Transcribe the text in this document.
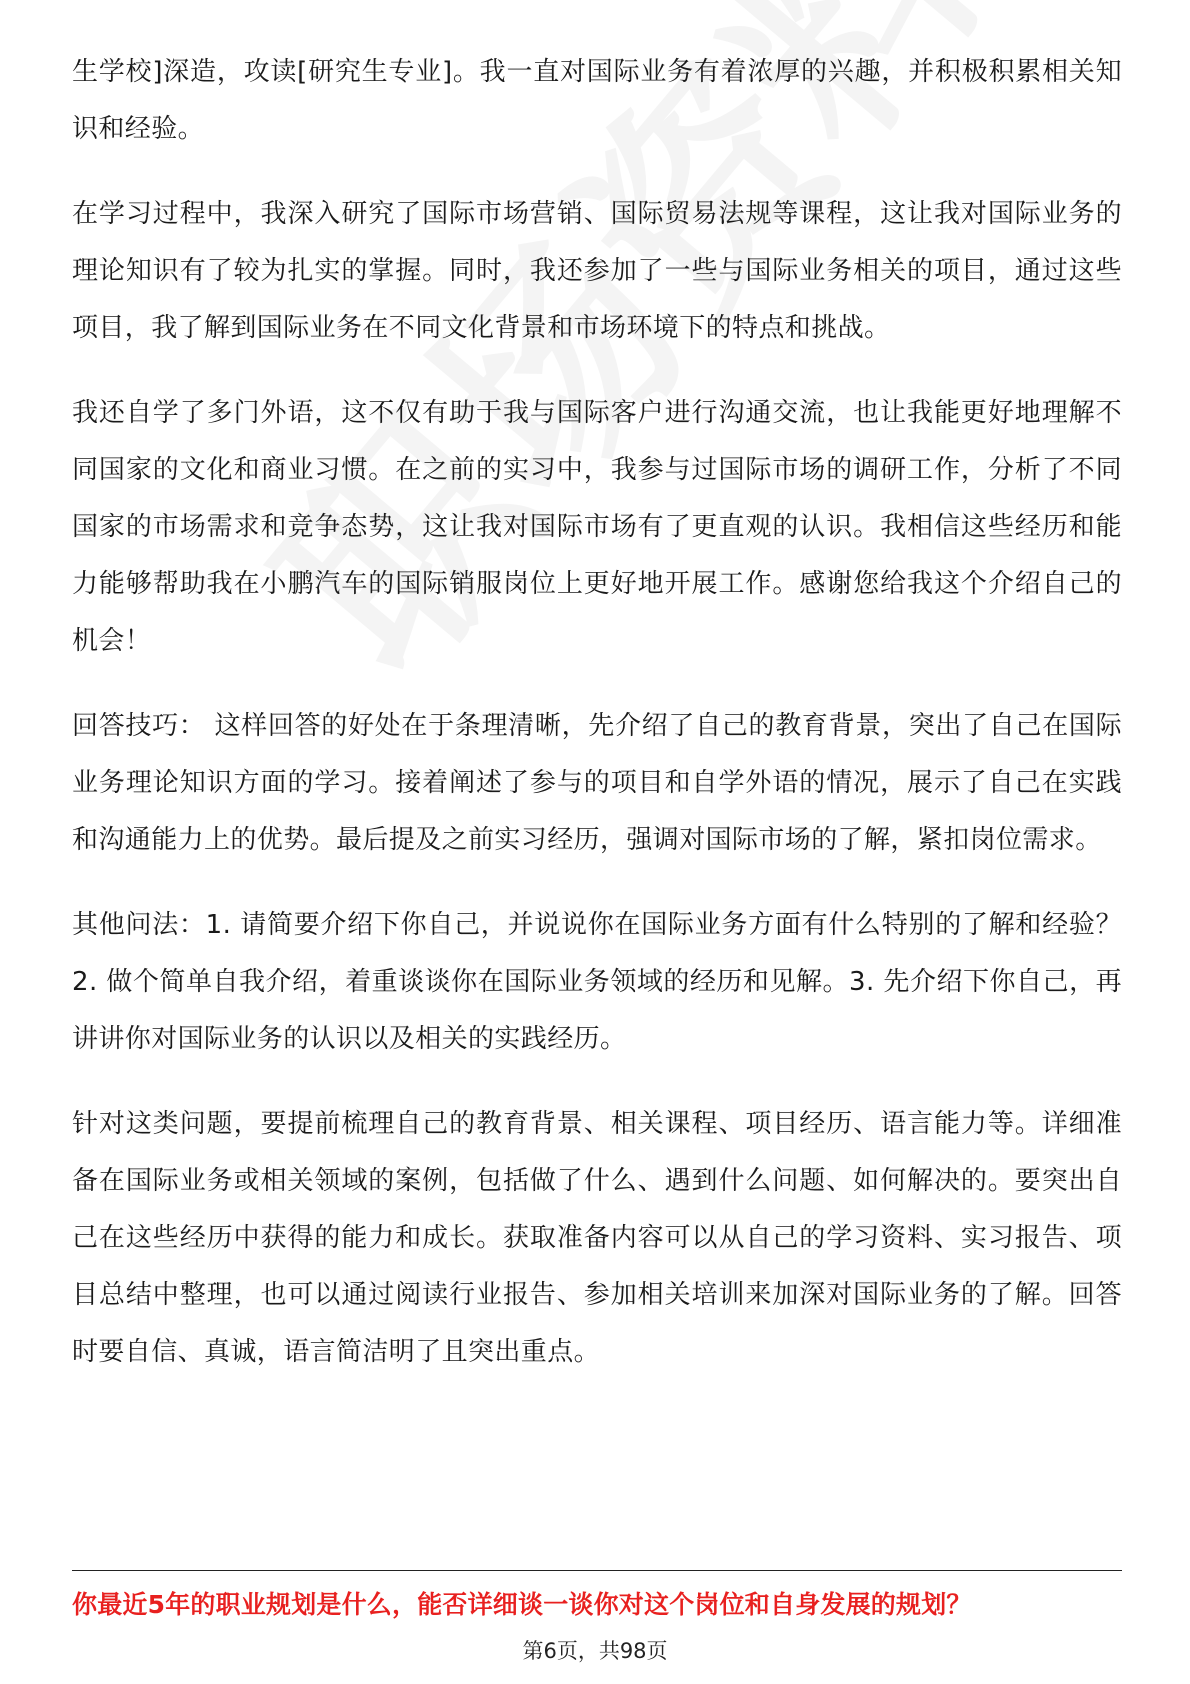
生学校]深造，攻读[研究生专业]。我一直对国际业务有着浓厚的兴趣，并积极积累相关知识和经验。

在学习过程中，我深入研究了国际市场营销、国际贸易法规等课程，这让我对国际业务的理论知识有了较为扎实的掌握。同时，我还参加了一些与国际业务相关的项目，通过这些项目，我了解到国际业务在不同文化背景和市场环境下的特点和挑战。

我还自学了多门外语，这不仅有助于我与国际客户进行沟通交流，也让我能更好地理解不同国家的文化和商业习惯。在之前的实习中，我参与过国际市场的调研工作，分析了不同国家的市场需求和竞争态势，这让我对国际市场有了更直观的认识。我相信这些经历和能力能够帮助我在小鹏汽车的国际销服岗位上更好地开展工作。感谢您给我这个介绍自己的机会！

回答技巧： 这样回答的好处在于条理清晰，先介绍了自己的教育背景，突出了自己在国际业务理论知识方面的学习。接着阐述了参与的项目和自学外语的情况，展示了自己在实践和沟通能力上的优势。最后提及之前实习经历，强调对国际市场的了解，紧扣岗位需求。

其他问法：1. 请简要介绍下你自己，并说说你在国际业务方面有什么特别的了解和经验？ 2. 做个简单自我介绍，着重谈谈你在国际业务领域的经历和见解。3. 先介绍下你自己，再讲讲你对国际业务的认识以及相关的实践经历。

针对这类问题，要提前梳理自己的教育背景、相关课程、项目经历、语言能力等。详细准备在国际业务或相关领域的案例，包括做了什么、遇到什么问题、如何解决的。要突出自己在这些经历中获得的能力和成长。获取准备内容可以从自己的学习资料、实习报告、项目总结中整理，也可以通过阅读行业报告、参加相关培训来加深对国际业务的了解。回答时要自信、真诚，语言简洁明了且突出重点。

你最近5年的职业规划是什么，能否详细谈一谈你对这个岗位和自身发展的规划？
第6页，共98页
